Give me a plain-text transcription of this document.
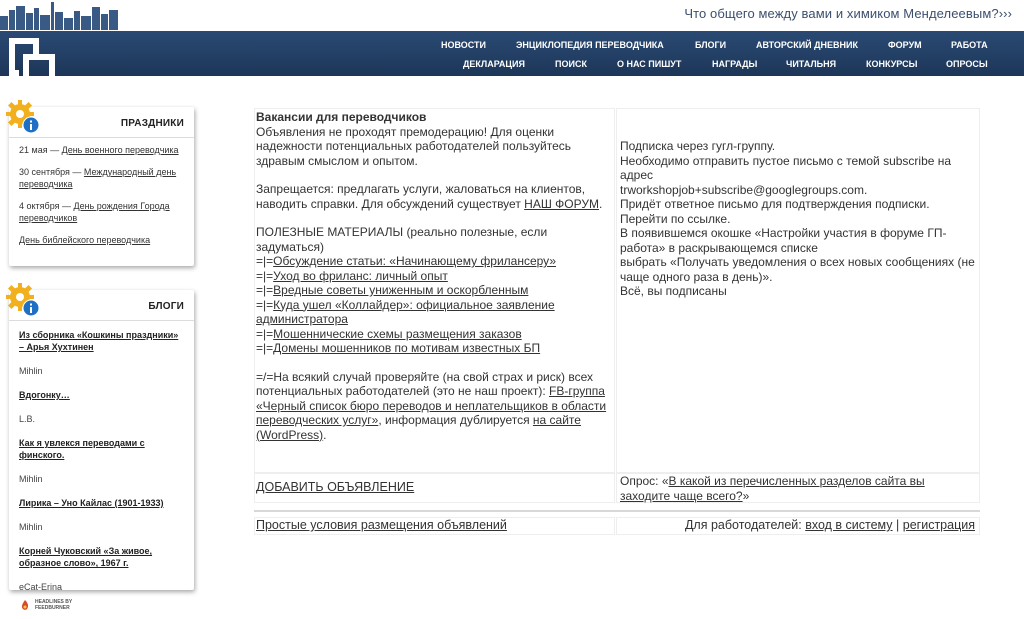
Что общего между вами и химиком Менделеевым?›››
НОВОСТИ	ЭНЦИКЛОПЕДИЯ ПЕРЕВОДЧИКА	БЛОГИ	АВТОРСКИЙ ДНЕВНИК	ФОРУМ	РАБОТА
ДЕКЛАРАЦИЯ	ПОИСК	О НАС ПИШУТ	НАГРАДЫ	ЧИТАЛЬНЯ	КОНКУРСЫ	ОПРОСЫ
ПРАЗДНИКИ
21 мая — День военного переводчика
30 сентября — Международный день переводчика
4 октября — День рождения Города переводчиков
День библейского переводчика
БЛОГИ
Из сборника «Кошкины праздники» – Арья Хухтинен
Mihlin
Вдогонку…
L.B.
Как я увлекся переводами с финского.
Mihlin
Лирика – Уно Кайлас (1901-1933)
Mihlin
Корней Чуковский «За живое, образное слово», 1967 г.
eCat-Erina
HEADLINES BY FEEDBURNER
Вакансии для переводчиков
Объявления не проходят премодерацию! Для оценки надежности потенциальных работодателей пользуйтесь здравым смыслом и опытом.
Запрещается: предлагать услуги, жаловаться на клиентов, наводить справки. Для обсуждений существует НАШ ФОРУМ.
ПОЛЕЗНЫЕ МАТЕРИАЛЫ (реально полезные, если задуматься)
=|=Обсуждение статьи: «Начинающему фрилансеру»
=|=Уход во фриланс: личный опыт
=|=Вредные советы униженным и оскорбленным
=|=Куда ушел «Коллайдер»: официальное заявление администратора
=|=Мошеннические схемы размещения заказов
=|=Домены мошенников по мотивам известных БП
=/=На всякий случай проверяйте (на свой страх и риск) всех потенциальных работодателей (это не наш проект): FB-группа «Черный список бюро переводов и неплательщиков в области переводческих услуг», информация дублируется на сайте (WordPress).
Подписка через гугл-группу.
Необходимо отправить пустое письмо с темой subscribe на адрес
trworkshopjob+subscribe@googlegroups.com.
Придёт ответное письмо для подтверждения подписки. Перейти по ссылке.
В появившемся окошке «Настройки участия в форуме ГП-работа» в раскрывающемся списке
выбрать «Получать уведомления о всех новых сообщениях (не чаще одного раза в день)».
Всё, вы подписаны
ДОБАВИТЬ ОБЪЯВЛЕНИЕ	Опрос: «В какой из перечисленных разделов сайта вы заходите чаще всего?»
Простые условия размещения объявлений	Для работодателей: вход в систему | регистрация
